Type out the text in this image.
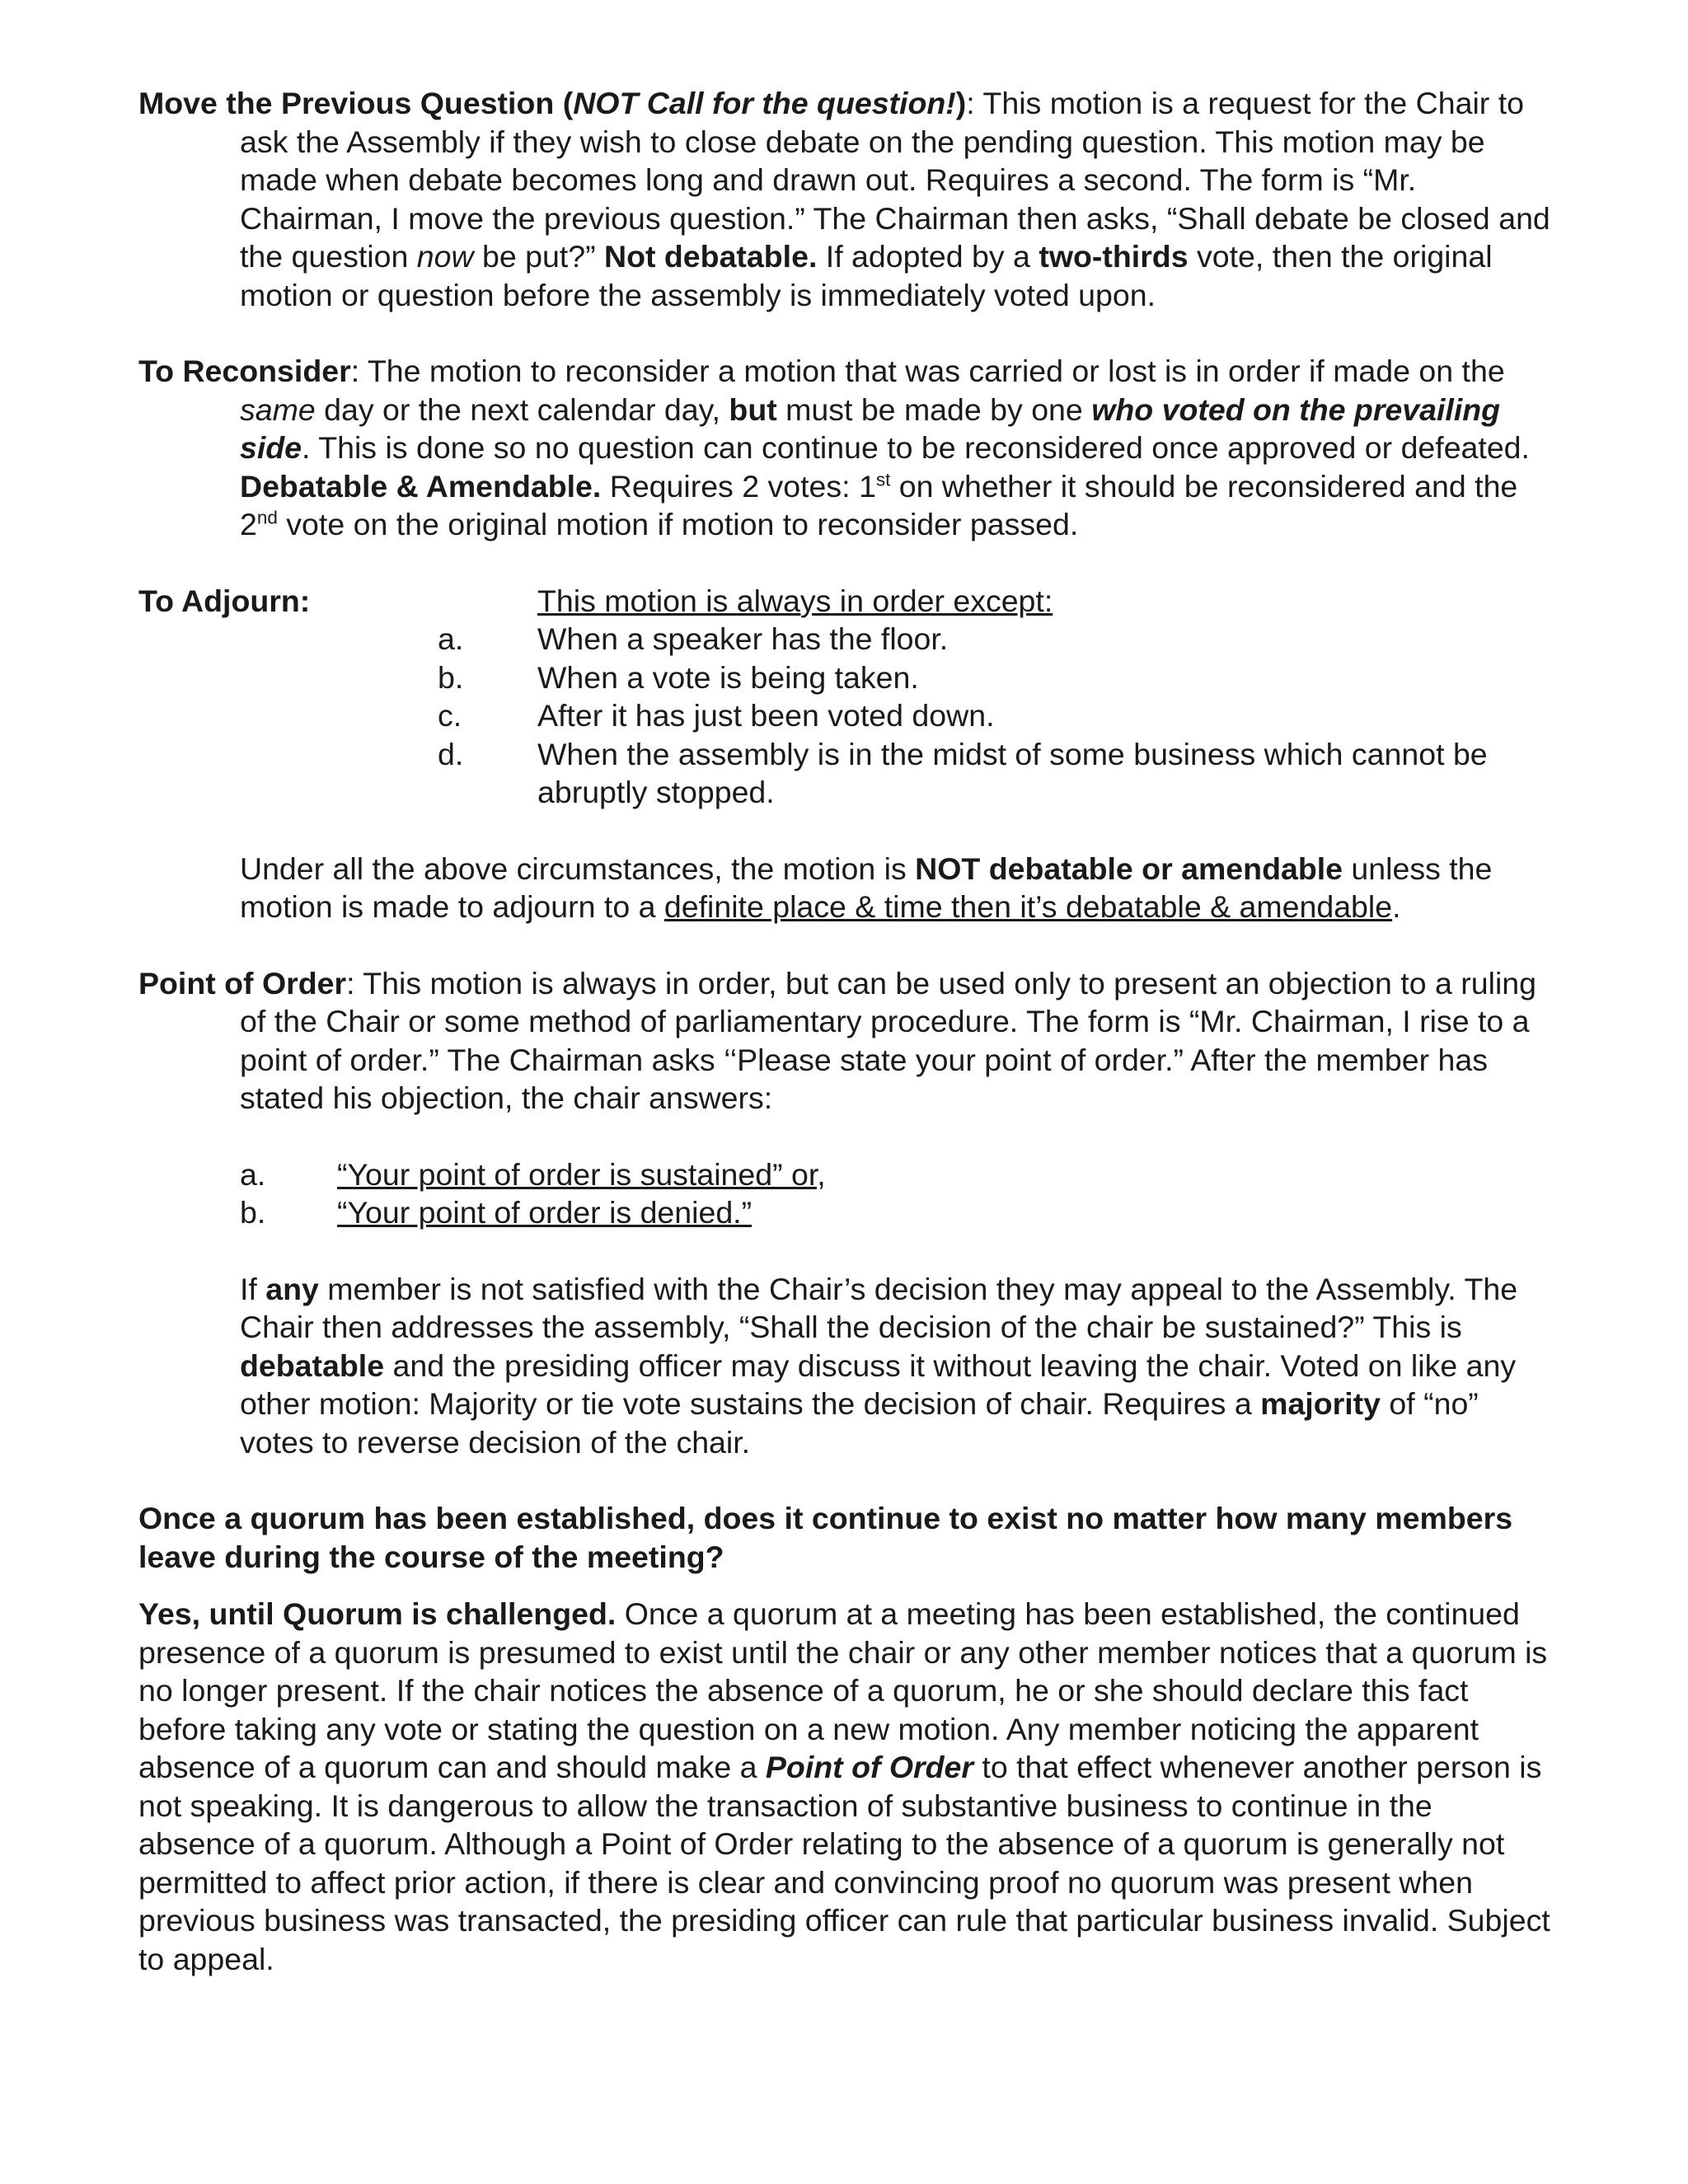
Move the Previous Question (NOT Call for the question!): This motion is a request for the Chair to ask the Assembly if they wish to close debate on the pending question. This motion may be made when debate becomes long and drawn out. Requires a second. The form is “Mr. Chairman, I move the previous question.” The Chairman then asks, “Shall debate be closed and the question now be put?” Not debatable. If adopted by a two-thirds vote, then the original motion or question before the assembly is immediately voted upon.

To Reconsider: The motion to reconsider a motion that was carried or lost is in order if made on the same day or the next calendar day, but must be made by one who voted on the prevailing side. This is done so no question can continue to be reconsidered once approved or defeated. Debatable & Amendable. Requires 2 votes: 1st on whether it should be reconsidered and the 2nd vote on the original motion if motion to reconsider passed.

To Adjourn:	This motion is always in order except:
a. When a speaker has the floor.
b. When a vote is being taken.
c. After it has just been voted down.
d. When the assembly is in the midst of some business which cannot be abruptly stopped.

Under all the above circumstances, the motion is NOT debatable or amendable unless the motion is made to adjourn to a definite place & time then it’s debatable & amendable.

Point of Order: This motion is always in order, but can be used only to present an objection to a ruling of the Chair or some method of parliamentary procedure. The form is “Mr. Chairman, I rise to a point of order.” The Chairman asks ‘‘Please state your point of order.” After the member has stated his objection, the chair answers:

a. “Your point of order is sustained” or,
b. “Your point of order is denied.”

If any member is not satisfied with the Chair’s decision they may appeal to the Assembly. The Chair then addresses the assembly, “Shall the decision of the chair be sustained?” This is debatable and the presiding officer may discuss it without leaving the chair. Voted on like any other motion: Majority or tie vote sustains the decision of chair. Requires a majority of “no” votes to reverse decision of the chair.

Once a quorum has been established, does it continue to exist no matter how many members leave during the course of the meeting?

Yes, until Quorum is challenged. Once a quorum at a meeting has been established, the continued presence of a quorum is presumed to exist until the chair or any other member notices that a quorum is no longer present. If the chair notices the absence of a quorum, he or she should declare this fact before taking any vote or stating the question on a new motion. Any member noticing the apparent absence of a quorum can and should make a Point of Order to that effect whenever another person is not speaking. It is dangerous to allow the transaction of substantive business to continue in the absence of a quorum. Although a Point of Order relating to the absence of a quorum is generally not permitted to affect prior action, if there is clear and convincing proof no quorum was present when previous business was transacted, the presiding officer can rule that particular business invalid. Subject to appeal.
